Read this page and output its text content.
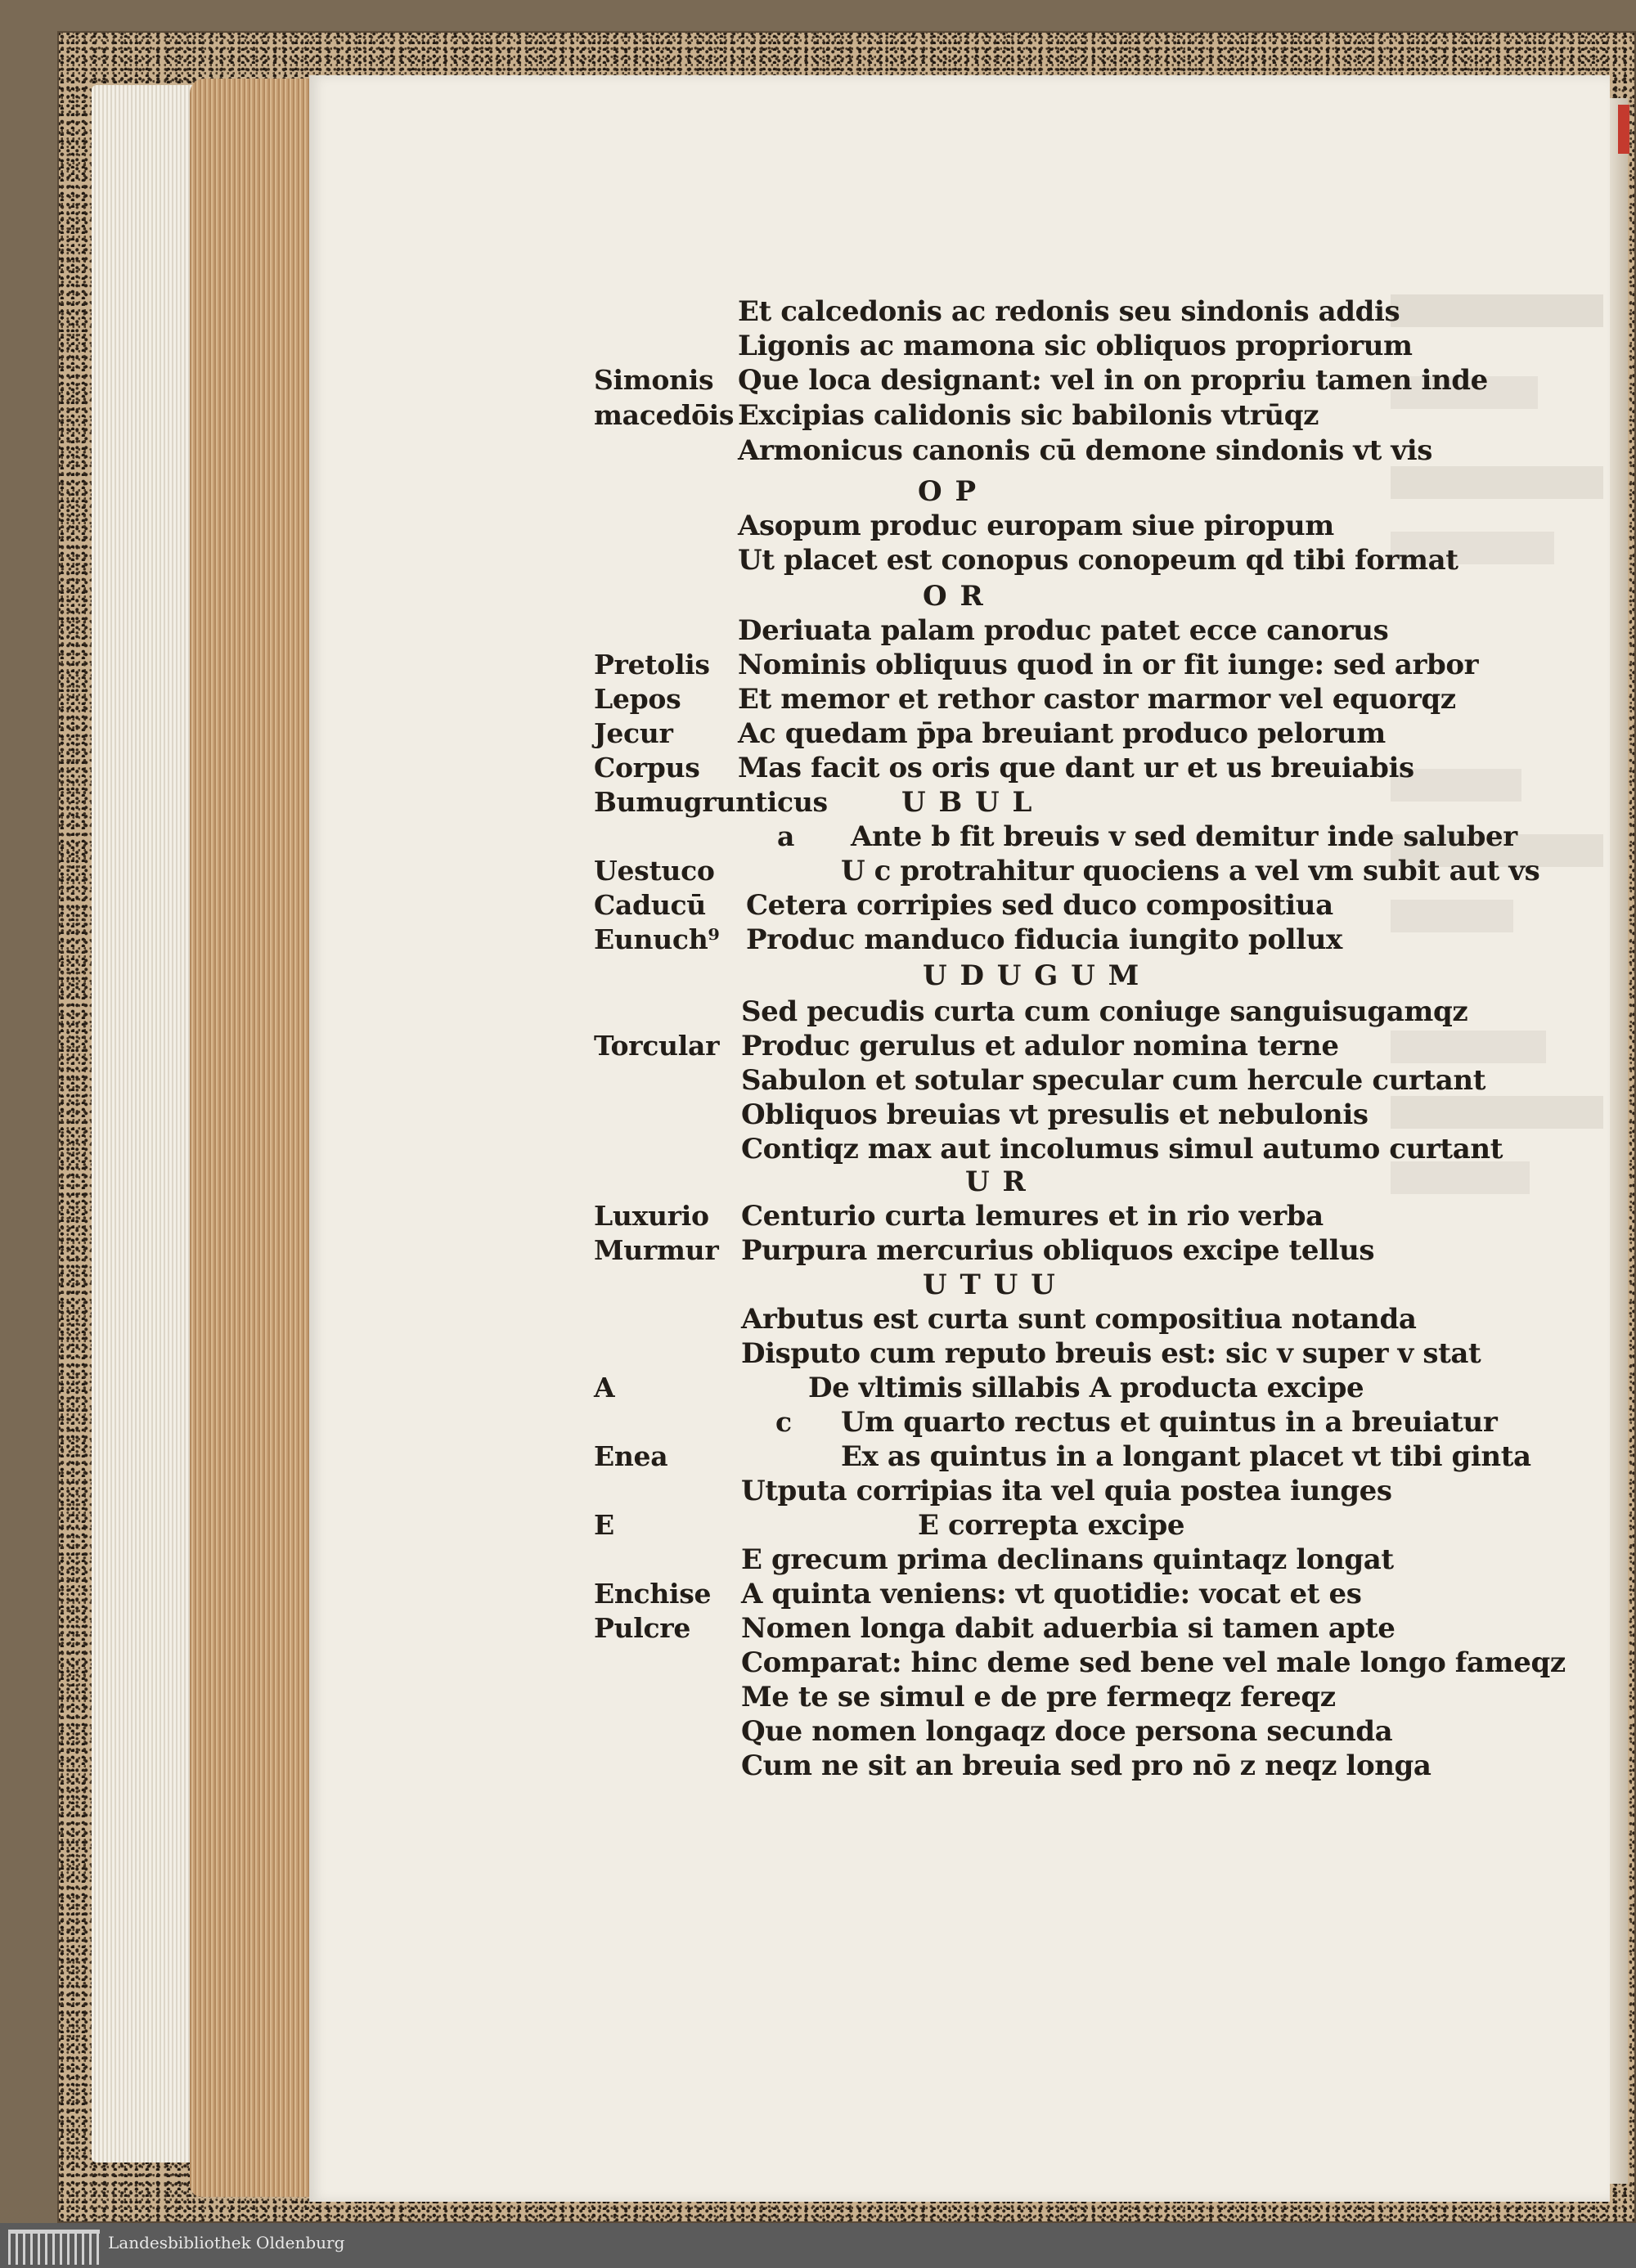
Et calcedonis ac redonis seu sindonis addis
Ligonis ac mamona sic obliquos propriorum
Que loca designant: vel in on propriu tamen inde
Excipias calidonis sic babilonis vtrūqz
Armonicus canonis cū demone sindonis vt vis
O P
Asopum produc europam siue piropum
Ut placet est conopus conopeum qd tibi format
O R
Deriuata palam produc patet ecce canorus
Nominis obliquus quod in or fit iunge: sed arbor
Et memor et rethor castor marmor vel equorqz
Ac quedam p̄pa breuiant produco pelorum
Mas facit os oris que dant ur et us breuiabis
U B U L
Ante b fit breuis v sed demitur inde saluber
U c protrahitur quociens a vel vm subit aut vs
Cetera corripies sed duco compositiua
Produc manduco fiducia iungito pollux
U D U G U M
Sed pecudis curta cum coniuge sanguisugamqz
Produc gerulus et adulor nomina terne
Sabulon et sotular specular cum hercule curtant
Obliquos breuias vt presulis et nebulonis
Contiqz max aut incolumus simul autumo curtant
U R
Centurio curta lemures et in rio verba
Purpura mercurius obliquos excipe tellus
U T U U
Arbutus est curta sunt compositiua notanda
Disputo cum reputo breuis est: sic v super v stat
De vltimis sillabis A producta excipe
Um quarto rectus et quintus in a breuiatur
Ex as quintus in a longant placet vt tibi ginta
Utputa corripias ita vel quia postea iunges
E correpta excipe
E grecum prima declinans quintaqz longat
A quinta veniens: vt quotidie: vocat et es
Nomen longa dabit aduerbia si tamen apte
Comparat: hinc deme sed bene vel male longo fameqz
Me te se simul e de pre fermeqz fereqz
Que nomen longaqz doce persona secunda
Cum ne sit an breuia sed pro nō z neqz longa
Simonis
macedōis
Pretolis
Lepos
Jecur
Corpus
Bumugrunticus
a
Uestuco
Caducū
Eunuch⁹
Torcular
Luxurio
Murmur
A
c
Enea
E
Enchise
Pulcre
Landesbibliothek Oldenburg
